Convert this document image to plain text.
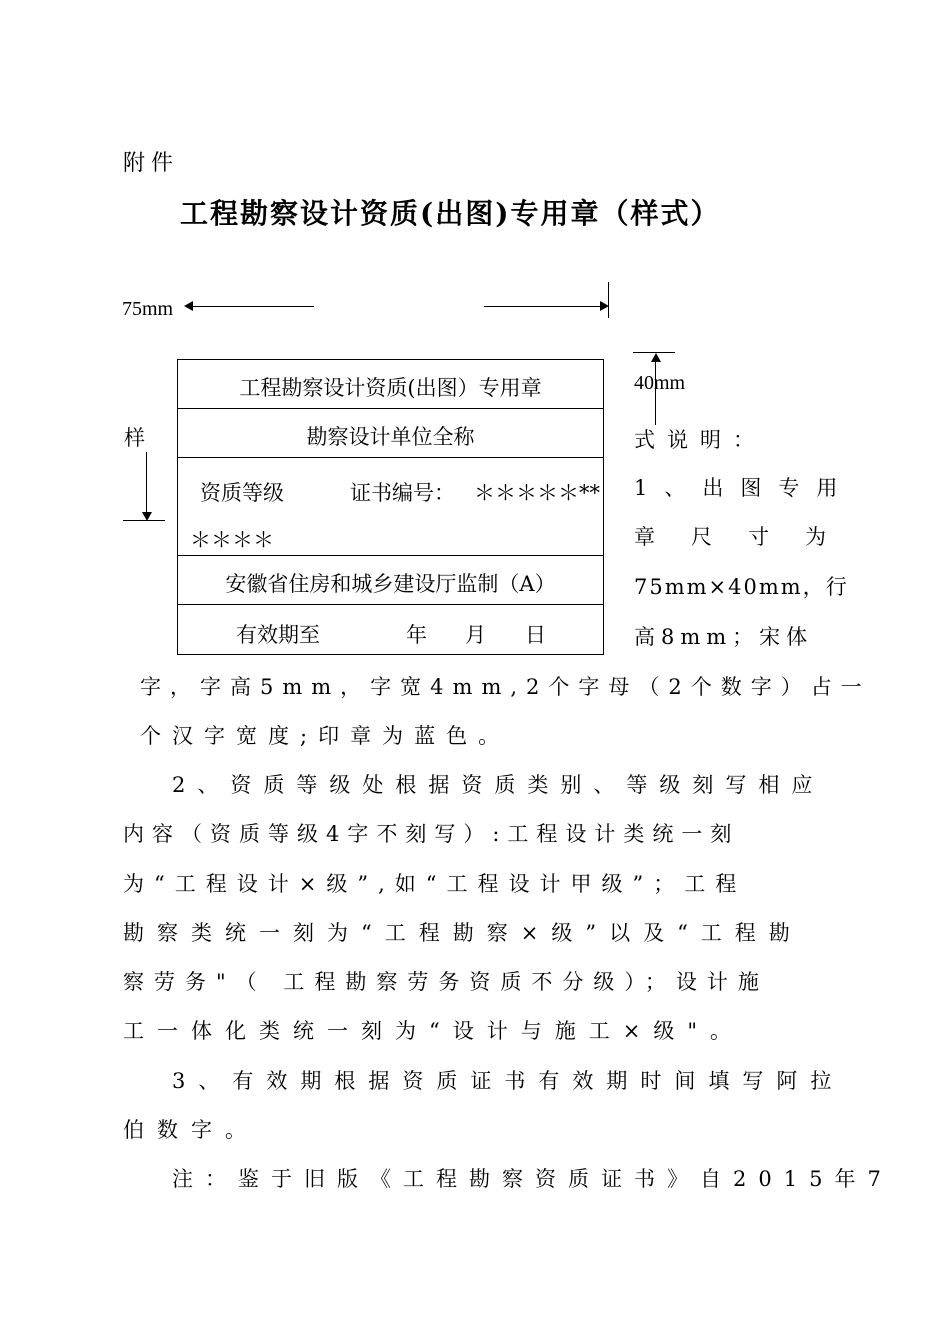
附件
工程勘察设计资质(出图)专用章（样式）
75mm
样
40mm
工程勘察设计资质(出图）专用章
勘察设计单位全称
资质等级	证书编号： ＊＊＊＊＊**
＊＊＊＊
安徽省住房和城乡建设厅监制（A）
有效期至	年 月 日
式说明：
1、出图专用
章尺寸为
75mm×40mm，行
高8mm；宋体
字，字高5mm，字宽4mm,2个字母（2个数字）占一
个汉字宽度;印章为蓝色。
2、资质等级处根据资质类别、等级刻写相应
内容（资质等级4字不刻写）:工程设计类统一刻
为“工程设计×级”,如“工程设计甲级”；工程
勘察类统一刻为“工程勘察×级”以及“工程勘
察劳务"（ 工程勘察劳务资质不分级）；设计施
工一体化类统一刻为“设计与施工×级"。
3、有效期根据资质证书有效期时间填写阿拉
伯数字。
注：鉴于旧版《工程勘察资质证书》自2015年7
